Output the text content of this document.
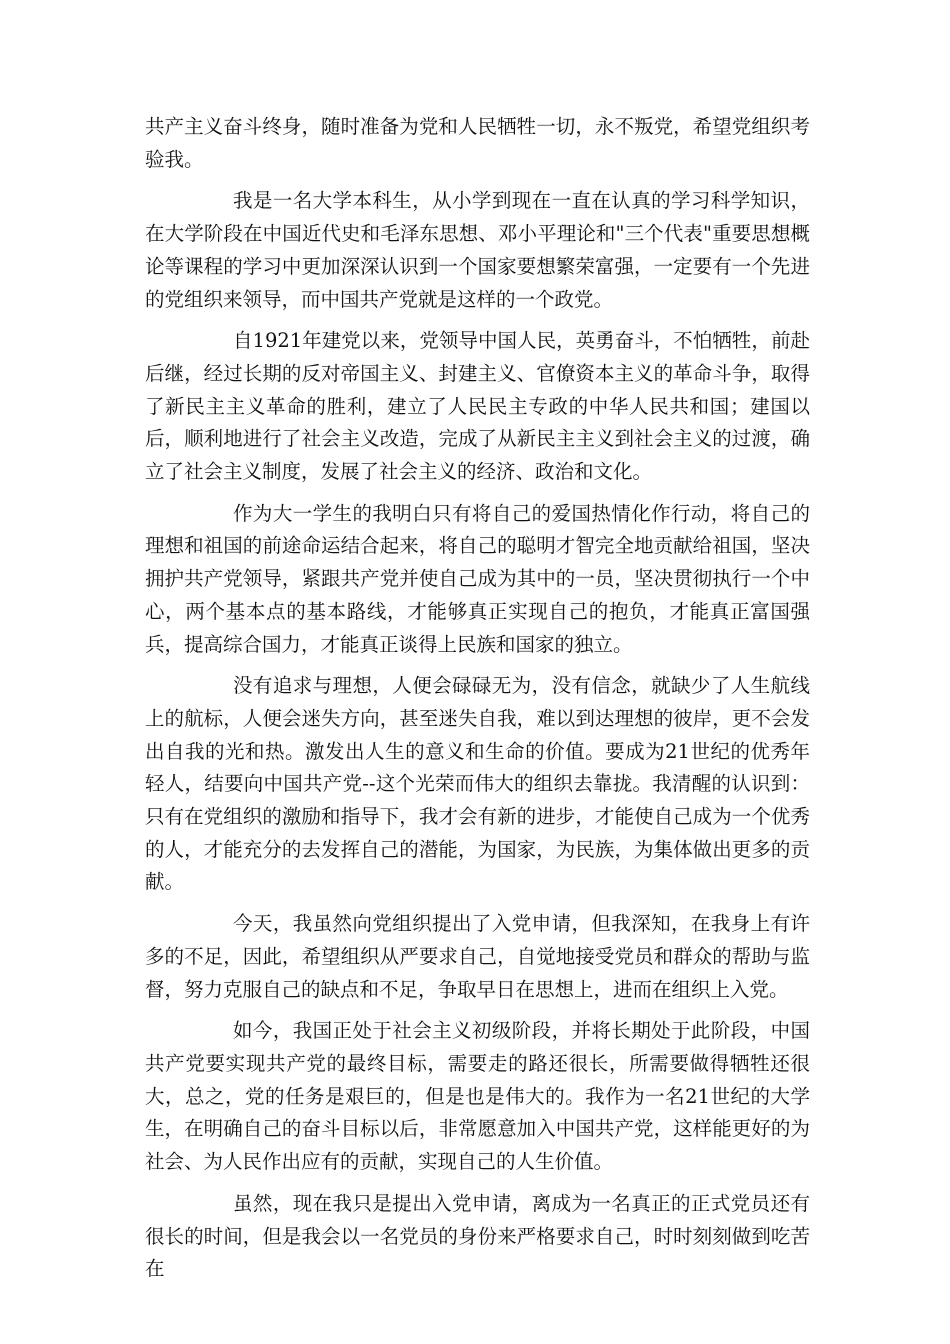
共产主义奋斗终身，随时准备为党和人民牺牲一切，永不叛党，希望党组织考验我。

我是一名大学本科生，从小学到现在一直在认真的学习科学知识，在大学阶段在中国近代史和毛泽东思想、邓小平理论和"三个代表"重要思想概论等课程的学习中更加深深认识到一个国家要想繁荣富强，一定要有一个先进的党组织来领导，而中国共产党就是这样的一个政党。

自1921年建党以来，党领导中国人民，英勇奋斗，不怕牺牲，前赴后继，经过长期的反对帝国主义、封建主义、官僚资本主义的革命斗争，取得了新民主主义革命的胜利，建立了人民民主专政的中华人民共和国；建国以后，顺利地进行了社会主义改造，完成了从新民主主义到社会主义的过渡，确立了社会主义制度，发展了社会主义的经济、政治和文化。

作为大一学生的我明白只有将自己的爱国热情化作行动，将自己的理想和祖国的前途命运结合起来，将自己的聪明才智完全地贡献给祖国，坚决拥护共产党领导，紧跟共产党并使自己成为其中的一员，坚决贯彻执行一个中心，两个基本点的基本路线，才能够真正实现自己的抱负，才能真正富国强兵，提高综合国力，才能真正谈得上民族和国家的独立。

没有追求与理想，人便会碌碌无为，没有信念，就缺少了人生航线上的航标，人便会迷失方向，甚至迷失自我，难以到达理想的彼岸，更不会发出自我的光和热。激发出人生的意义和生命的价值。要成为21世纪的优秀年轻人，结要向中国共产党--这个光荣而伟大的组织去靠拢。我清醒的认识到：只有在党组织的激励和指导下，我才会有新的进步，才能使自己成为一个优秀的人，才能充分的去发挥自己的潜能，为国家，为民族，为集体做出更多的贡献。

今天，我虽然向党组织提出了入党申请，但我深知，在我身上有许多的不足，因此，希望组织从严要求自己，自觉地接受党员和群众的帮助与监督，努力克服自己的缺点和不足，争取早日在思想上，进而在组织上入党。

如今，我国正处于社会主义初级阶段，并将长期处于此阶段，中国共产党要实现共产党的最终目标，需要走的路还很长，所需要做得牺牲还很大，总之，党的任务是艰巨的，但是也是伟大的。我作为一名21世纪的大学生，在明确自己的奋斗目标以后，非常愿意加入中国共产党，这样能更好的为社会、为人民作出应有的贡献，实现自己的人生价值。

虽然，现在我只是提出入党申请，离成为一名真正的正式党员还有很长的时间，但是我会以一名党员的身份来严格要求自己，时时刻刻做到吃苦在
